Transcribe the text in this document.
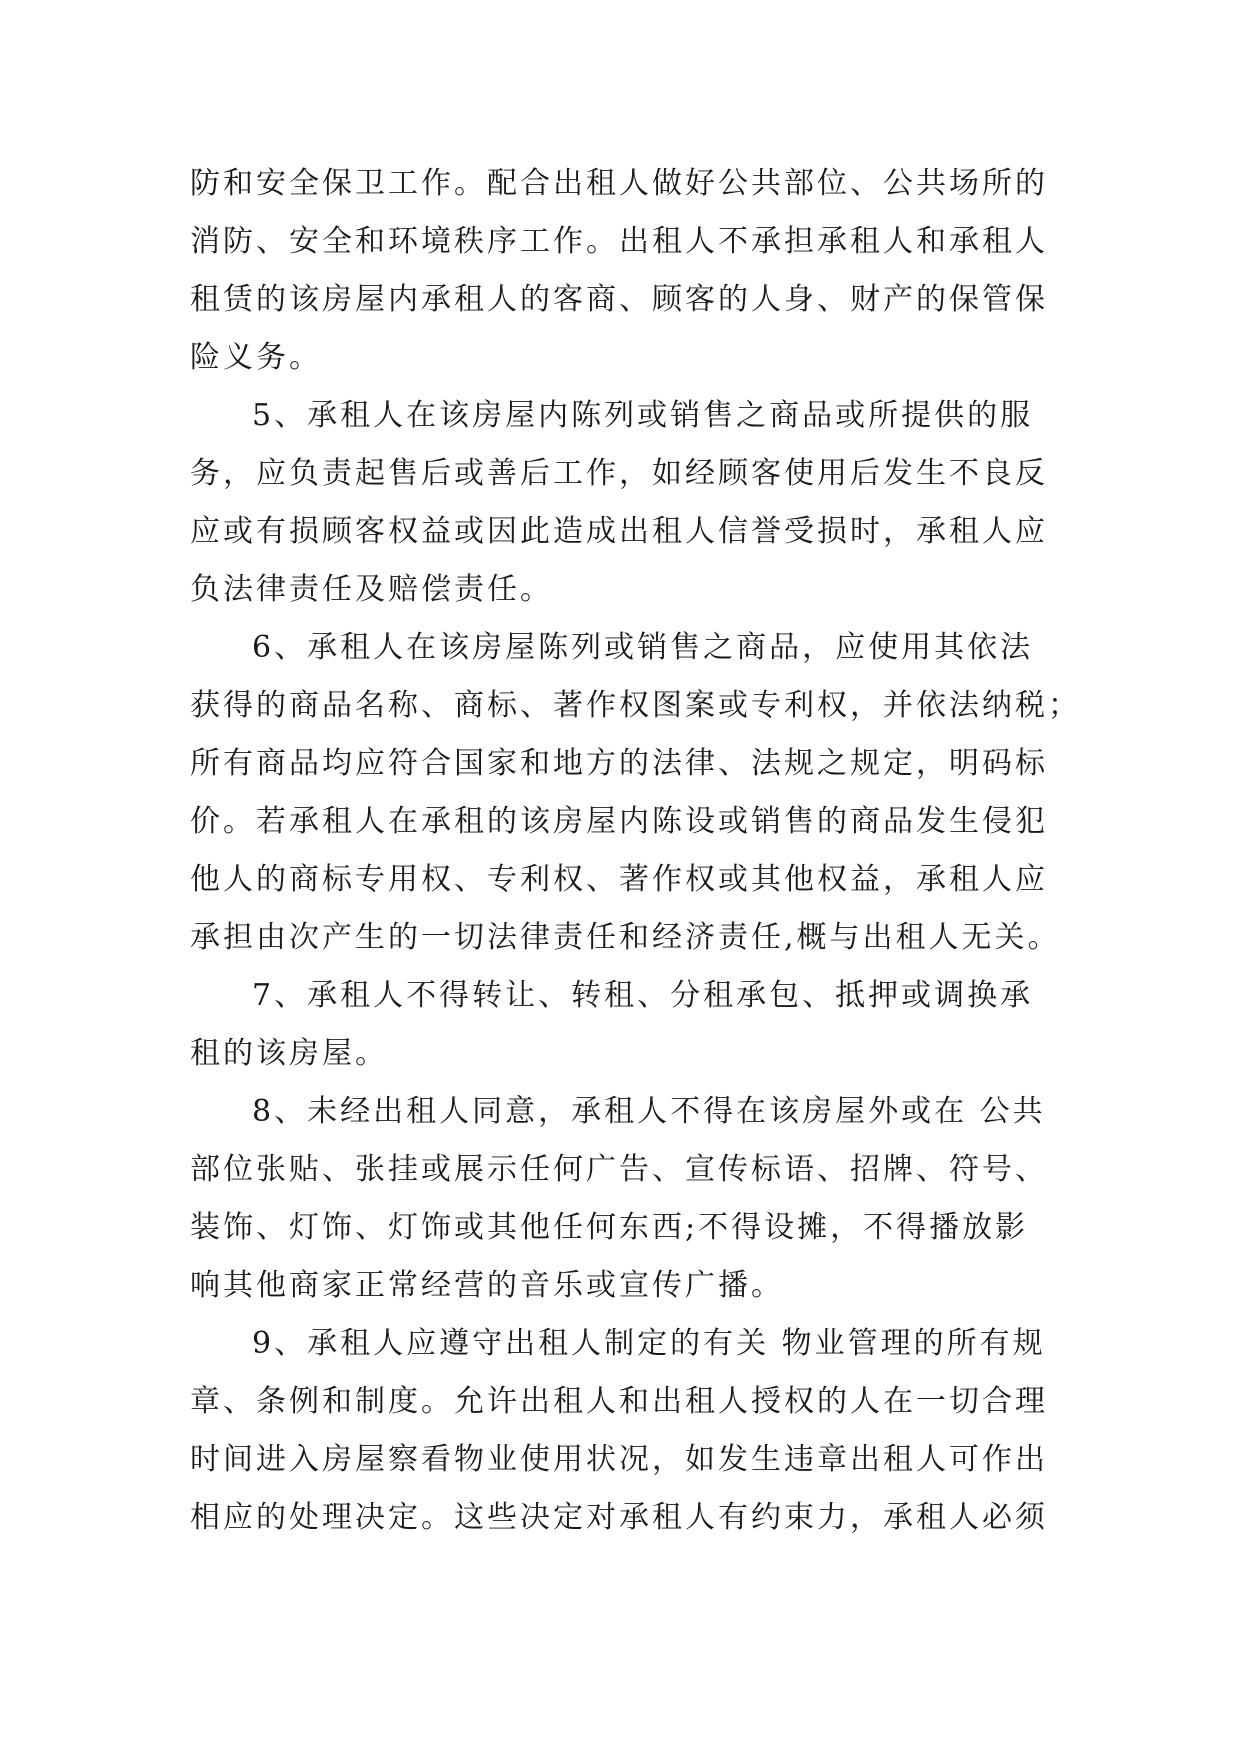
防和安全保卫工作。配合出租人做好公共部位、公共场所的
消防、安全和环境秩序工作。出租人不承担承租人和承租人
租赁的该房屋内承租人的客商、顾客的人身、财产的保管保
险义务。
5、承租人在该房屋内陈列或销售之商品或所提供的服
务，应负责起售后或善后工作，如经顾客使用后发生不良反
应或有损顾客权益或因此造成出租人信誉受损时，承租人应
负法律责任及赔偿责任。
6、承租人在该房屋陈列或销售之商品，应使用其依法
获得的商品名称、商标、著作权图案或专利权，并依法纳税；
所有商品均应符合国家和地方的法律、法规之规定，明码标
价。若承租人在承租的该房屋内陈设或销售的商品发生侵犯
他人的商标专用权、专利权、著作权或其他权益，承租人应
承担由次产生的一切法律责任和经济责任,概与出租人无关。
7、承租人不得转让、转租、分租承包、抵押或调换承
租的该房屋。
8、未经出租人同意，承租人不得在该房屋外或在 公共
部位张贴、张挂或展示任何广告、宣传标语、招牌、符号、
装饰、灯饰、灯饰或其他任何东西;不得设摊，不得播放影
响其他商家正常经营的音乐或宣传广播。
9、承租人应遵守出租人制定的有关 物业管理的所有规
章、条例和制度。允许出租人和出租人授权的人在一切合理
时间进入房屋察看物业使用状况，如发生违章出租人可作出
相应的处理决定。这些决定对承租人有约束力，承租人必须
